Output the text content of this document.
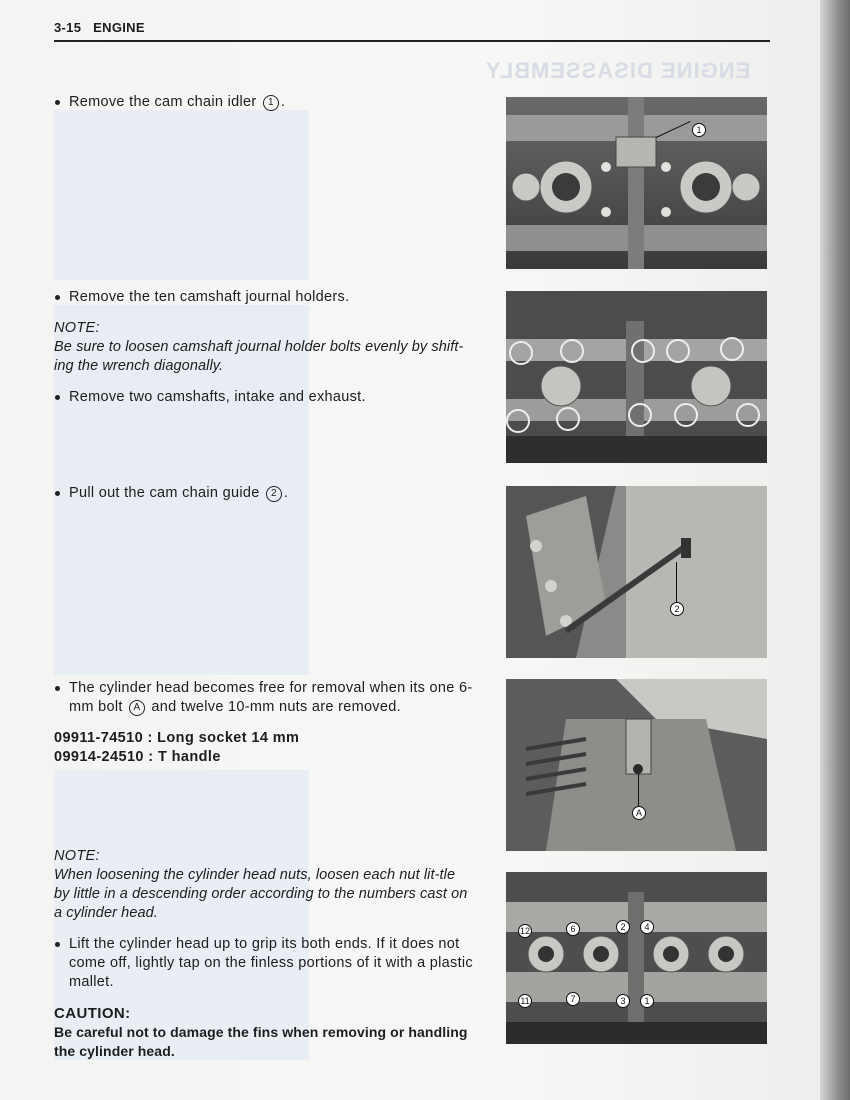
ENGINE DISASSEMBLY
3-15 ENGINE
Remove the cam chain idler 1 .
Remove the ten camshaft journal holders.
NOTE:
Be sure to loosen camshaft journal holder bolts evenly by shift-ing the wrench diagonally.
Remove two camshafts, intake and exhaust.
Pull out the cam chain guide 2 .
The cylinder head becomes free for removal when its one 6-mm bolt A and twelve 10-mm nuts are removed.
09911-74510 : Long socket 14 mm
09914-24510 : T handle
NOTE:
When loosening the cylinder head nuts, loosen each nut lit-tle by little in a descending order according to the numbers cast on a cylinder head.
Lift the cylinder head up to grip its both ends. If it does not come off, lightly tap on the finless portions of it with a plastic mallet.
CAUTION:
Be careful not to damage the fins when removing or handling the cylinder head.
1
2
A
12	6	2	4
11	7	3	1
